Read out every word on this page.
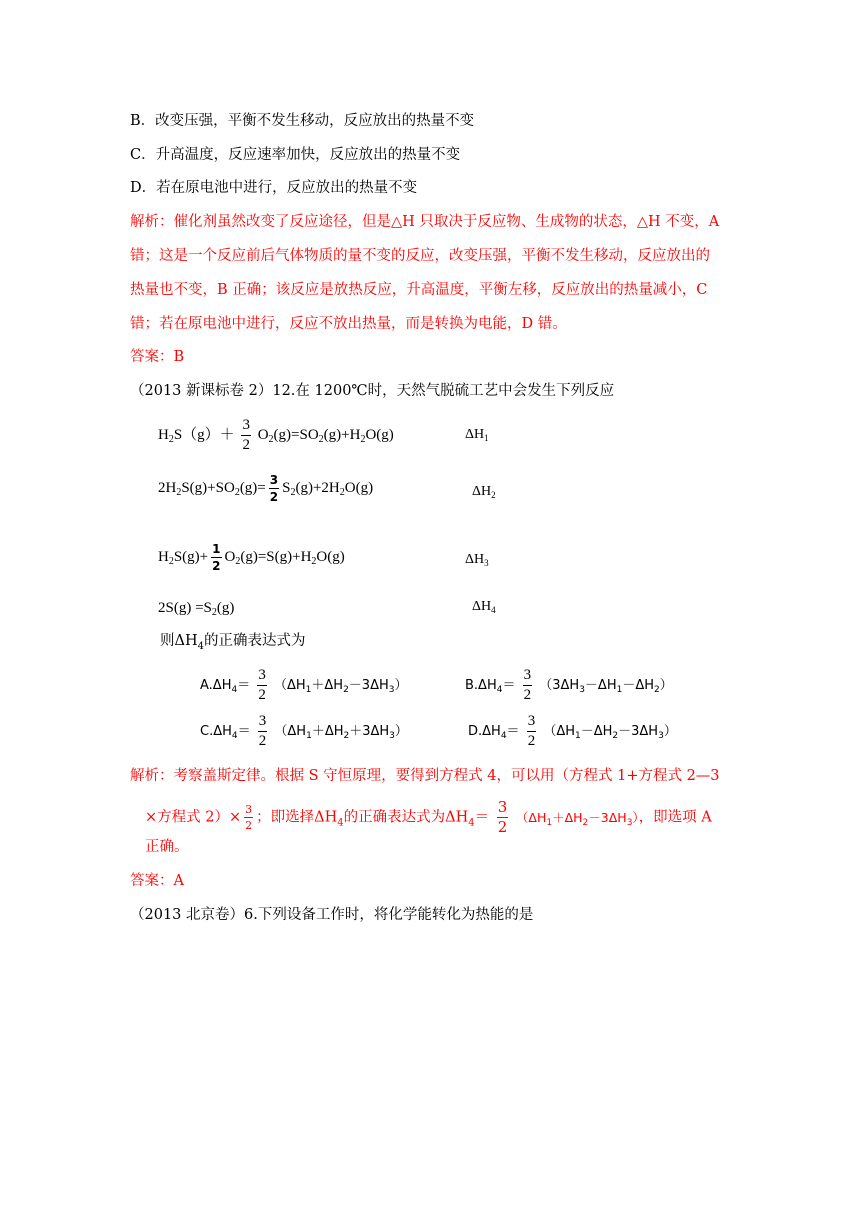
B．改变压强，平衡不发生移动，反应放出的热量不变
C．升高温度，反应速率加快，反应放出的热量不变
D．若在原电池中进行，反应放出的热量不变
解析：催化剂虽然改变了反应途径，但是△H 只取决于反应物、生成物的状态，△H 不变，A
错；这是一个反应前后气体物质的量不变的反应，改变压强，平衡不发生移动，反应放出的
热量也不变，B 正确；该反应是放热反应，升高温度，平衡左移，反应放出的热量减小，C
错；若在原电池中进行，反应不放出热量，而是转换为电能，D 错。
答案：B
（2013 新课标卷 2）12.在 1200℃时，天然气脱硫工艺中会发生下列反应
$H_2S(g)+ \frac{3}{2} O_2(g)=SO_2(g)+H_2O(g)$	$\Delta H_1$
$2H_2S(g)+SO_2(g)= \frac{3}{2} S_2(g)+2H_2O(g)$	$\Delta H_2$
$H_2S(g)+ \frac{1}{2} O_2(g)=S(g)+H_2O(g)$	$\Delta H_3$
$2S(g) =S_2(g)$	$\Delta H_4$
则$\Delta H_4$的正确表达式为
$A.\Delta H_4= \frac{3}{2} (\Delta H_1+\Delta H_2-3\Delta H_3)$	$B.\Delta H_4= \frac{3}{2} (3\Delta H_3-\Delta H_1-\Delta H_2)$
$C.\Delta H_4= \frac{3}{2} (\Delta H_1+\Delta H_2+3\Delta H_3)$	$D.\Delta H_4= \frac{3}{2} (\Delta H_1-\Delta H_2-3\Delta H_3)$
解析：考察盖斯定律。根据 S 守恒原理，要得到方程式 4，可以用（方程式 1+方程式 2—3
×方程式 $2)\times \frac{3}{2}$ ；即选择$\Delta H_4$的正确表达式为$\Delta H_4= \frac{3}{2} (\Delta H_1+\Delta H_2-3\Delta H_3)$，即选项 A
正确。
答案：A
（2013 北京卷）6.下列设备工作时，将化学能转化为热能的是
